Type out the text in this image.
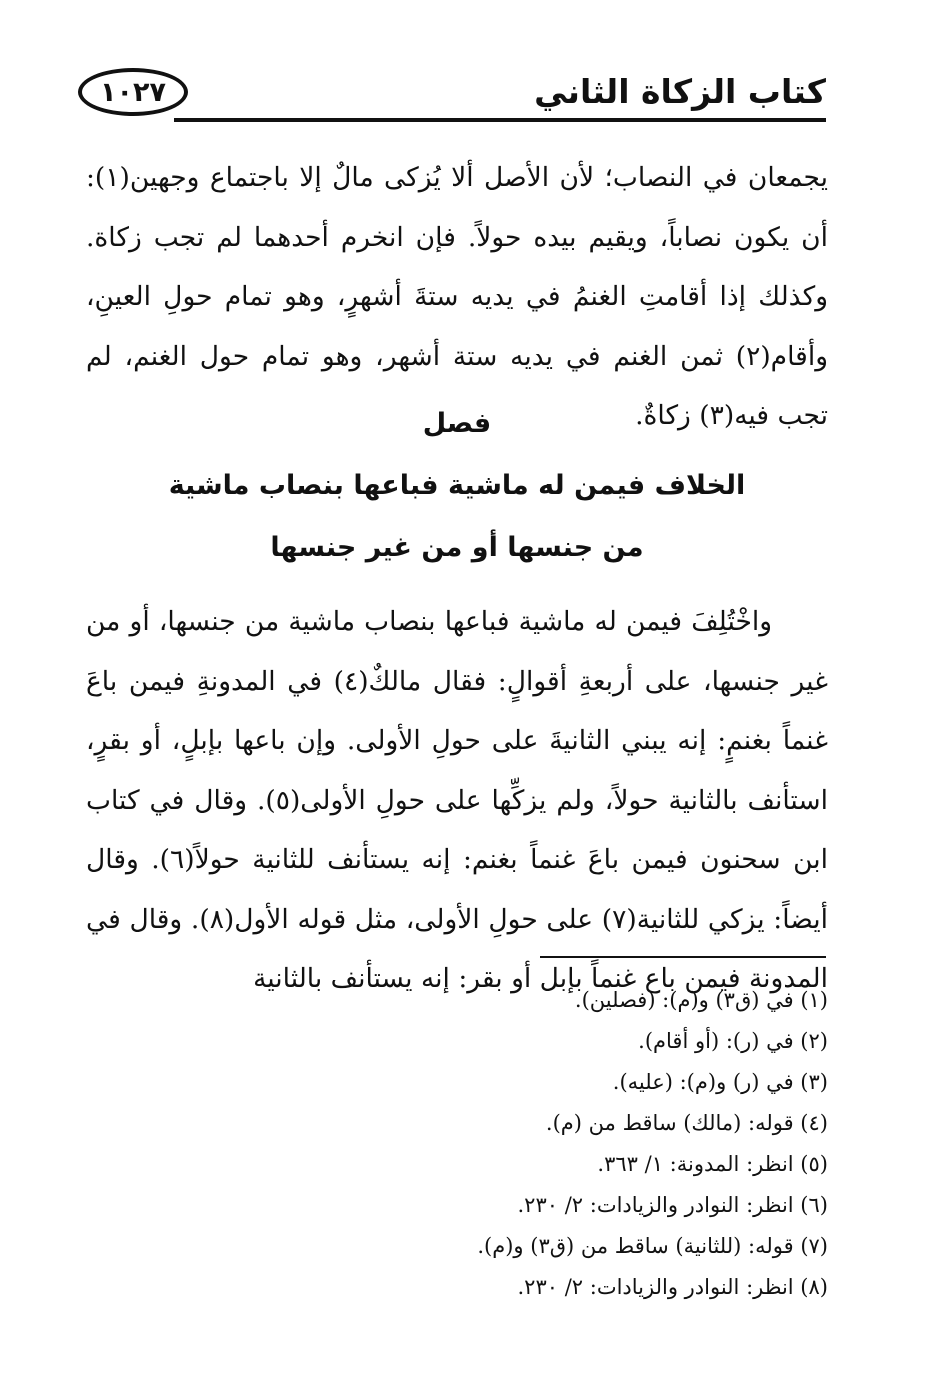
كتاب الزكاة الثاني
١٠٢٧
يجمعان في النصاب؛ لأن الأصل ألا يُزكى مالٌ إلا باجتماع وجهين(١): أن يكون نصاباً، ويقيم بيده حولاً. فإن انخرم أحدهما لم تجب زكاة. وكذلك إذا أقامتِ الغنمُ في يديه ستةَ أشهرٍ، وهو تمام حولِ العينِ، وأقام(٢) ثمن الغنم في يديه ستة أشهر، وهو تمام حول الغنم، لم تجب فيه(٣) زكاةٌ.
فصل
الخلاف فيمن له ماشية فباعها بنصاب ماشية
من جنسها أو من غير جنسها
واخْتُلِفَ فيمن له ماشية فباعها بنصاب ماشية من جنسها، أو من غير جنسها، على أربعةِ أقوالٍ: فقال مالكٌ(٤) في المدونةِ فيمن باعَ غنماً بغنمٍ: إنه يبني الثانيةَ على حولِ الأولى. وإن باعها بإبلٍ، أو بقرٍ، استأنف بالثانية حولاً، ولم يزكِّها على حولِ الأولى(٥). وقال في كتاب ابن سحنون فيمن باعَ غنماً بغنم: إنه يستأنف للثانية حولاً(٦). وقال أيضاً: يزكي للثانية(٧) على حولِ الأولى، مثل قوله الأول(٨). وقال في المدونة فيمن باع غنماً بإبل أو بقر: إنه يستأنف بالثانية
(١) في (ق٣) و(م): (فصلين).
(٢) في (ر): (أو أقام).
(٣) في (ر) و(م): (عليه).
(٤) قوله: (مالك) ساقط من (م).
(٥) انظر: المدونة: ١/ ٣٦٣.
(٦) انظر: النوادر والزيادات: ٢/ ٢٣٠.
(٧) قوله: (للثانية) ساقط من (ق٣) و(م).
(٨) انظر: النوادر والزيادات: ٢/ ٢٣٠.
